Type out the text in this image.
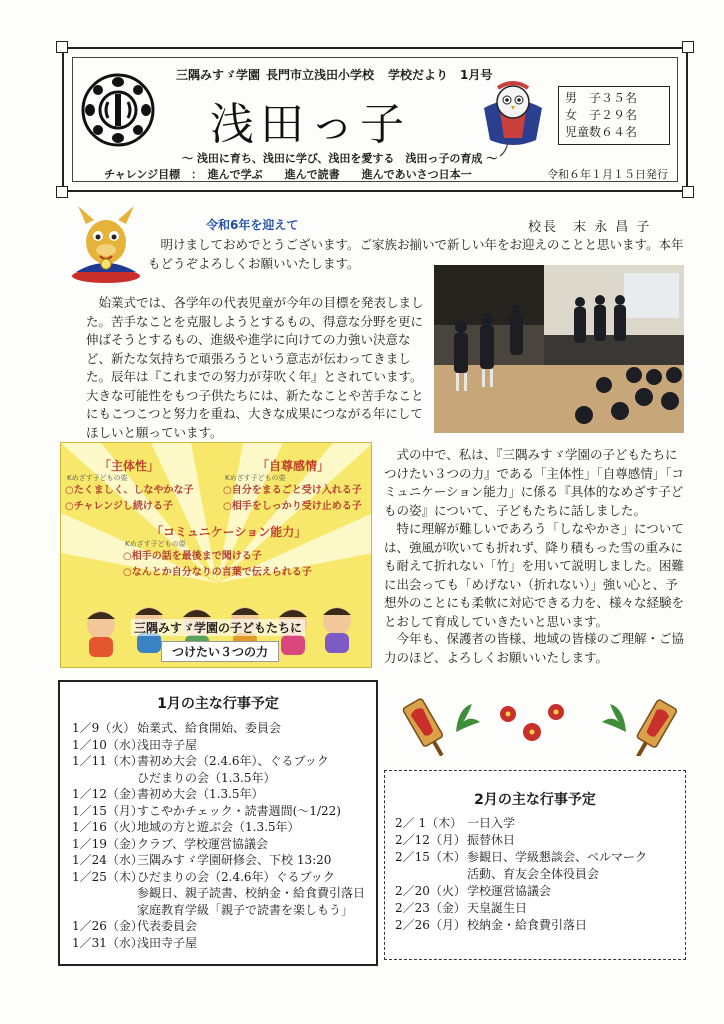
三隅みすゞ学園 長門市立浅田小学校 学校だより 1月号
浅田っ子
男　子３５名
女　子２９名
児童数６４名
～ 浅田に育ち、浅田に学び、浅田を愛する　浅田っ子の育成 ～
チャレンジ目標　：　進んで学ぶ　　進んで読書　　進んであいさつ日本一	令和６年１月１５日発行
令和6年を迎えて	校長　末 永 昌 子

　明けましておめでとうございます。ご家族お揃いで新しい年をお迎えのことと思います。本年もどうぞよろしくお願いいたします。

　始業式では、各学年の代表児童が今年の目標を発表しました。苦手なことを克服しようとするもの、得意な分野を更に伸ばそうとするもの、進級や進学に向けての力強い決意など、新たな気持ちで頑張ろうという意志が伝わってきました。辰年は『これまでの努力が芽吹く年』とされています。大きな可能性をもつ子供たちには、新たなことや苦手なことにもこつこつと努力を重ね、大きな成果につながる年にしてほしいと願っています。

「主体性」
Kめざす子どもの姿
○たくましく、しなやかな子
○チャレンジし続ける子
「自尊感情」
Kめざす子どもの姿
○自分をまるごと受け入れる子
○相手をしっかり受け止める子
「コミュニケーション能力」
Kめざす子どもの姿
○相手の話を最後まで聞ける子
○なんとか自分なりの言葉で伝えられる子
三隅みすゞ学園の子どもたちに
つけたい３つの力

　式の中で、私は、『三隅みすゞ学園の子どもたちにつけたい３つの力』である「主体性」「自尊感情」「コミュニケーション能力」に係る『具体的なめざす子どもの姿』について、子どもたちに話しました。

　特に理解が難しいであろう「しなやかさ」については、強風が吹いても折れず、降り積もった雪の重みにも耐えて折れない「竹」を用いて説明しました。困難に出会っても「めげない（折れない）」強い心と、予想外のことにも柔軟に対応できる力を、様々な経験をとおして育成していきたいと思います。

　今年も、保護者の皆様、地域の皆様のご理解・ご協力のほど、よろしくお願いいたします。

1月の主な行事予定
1／9（火） 始業式、給食開始、委員会
1／10（水）
浅田寺子屋
1／11（木）
書初め大会（2.4.6年）、ぐるブック
ひだまりの会（1.3.5年）
1／12（金）
書初め大会（1.3.5年）
1／15（月）
すこやかチェック・読書週間(～1/22)
1／16（火）
地域の方と遊ぶ会（1.3.5年）
1／19（金）
クラブ、学校運営協議会
1／24（水）
三隅みすゞ学園研修会、下校 13:20
1／25（木）
ひだまりの会（2.4.6年）ぐるブック
参観日、親子読書、校納金・給食費引落日
家庭教育学級「親子で読書を楽しもう」
1／26（金）
代表委員会
1／31（水）
浅田寺子屋
2月の主な行事予定
2／ 1（木） 一日入学
2／12（月） 振替休日
2／15（木） 参観日、学級懇談会、ベルマーク
活動、育友会全体役員会
2／20（火） 学校運営協議会
2／23（金） 天皇誕生日
2／26（月） 校納金・給食費引落日
